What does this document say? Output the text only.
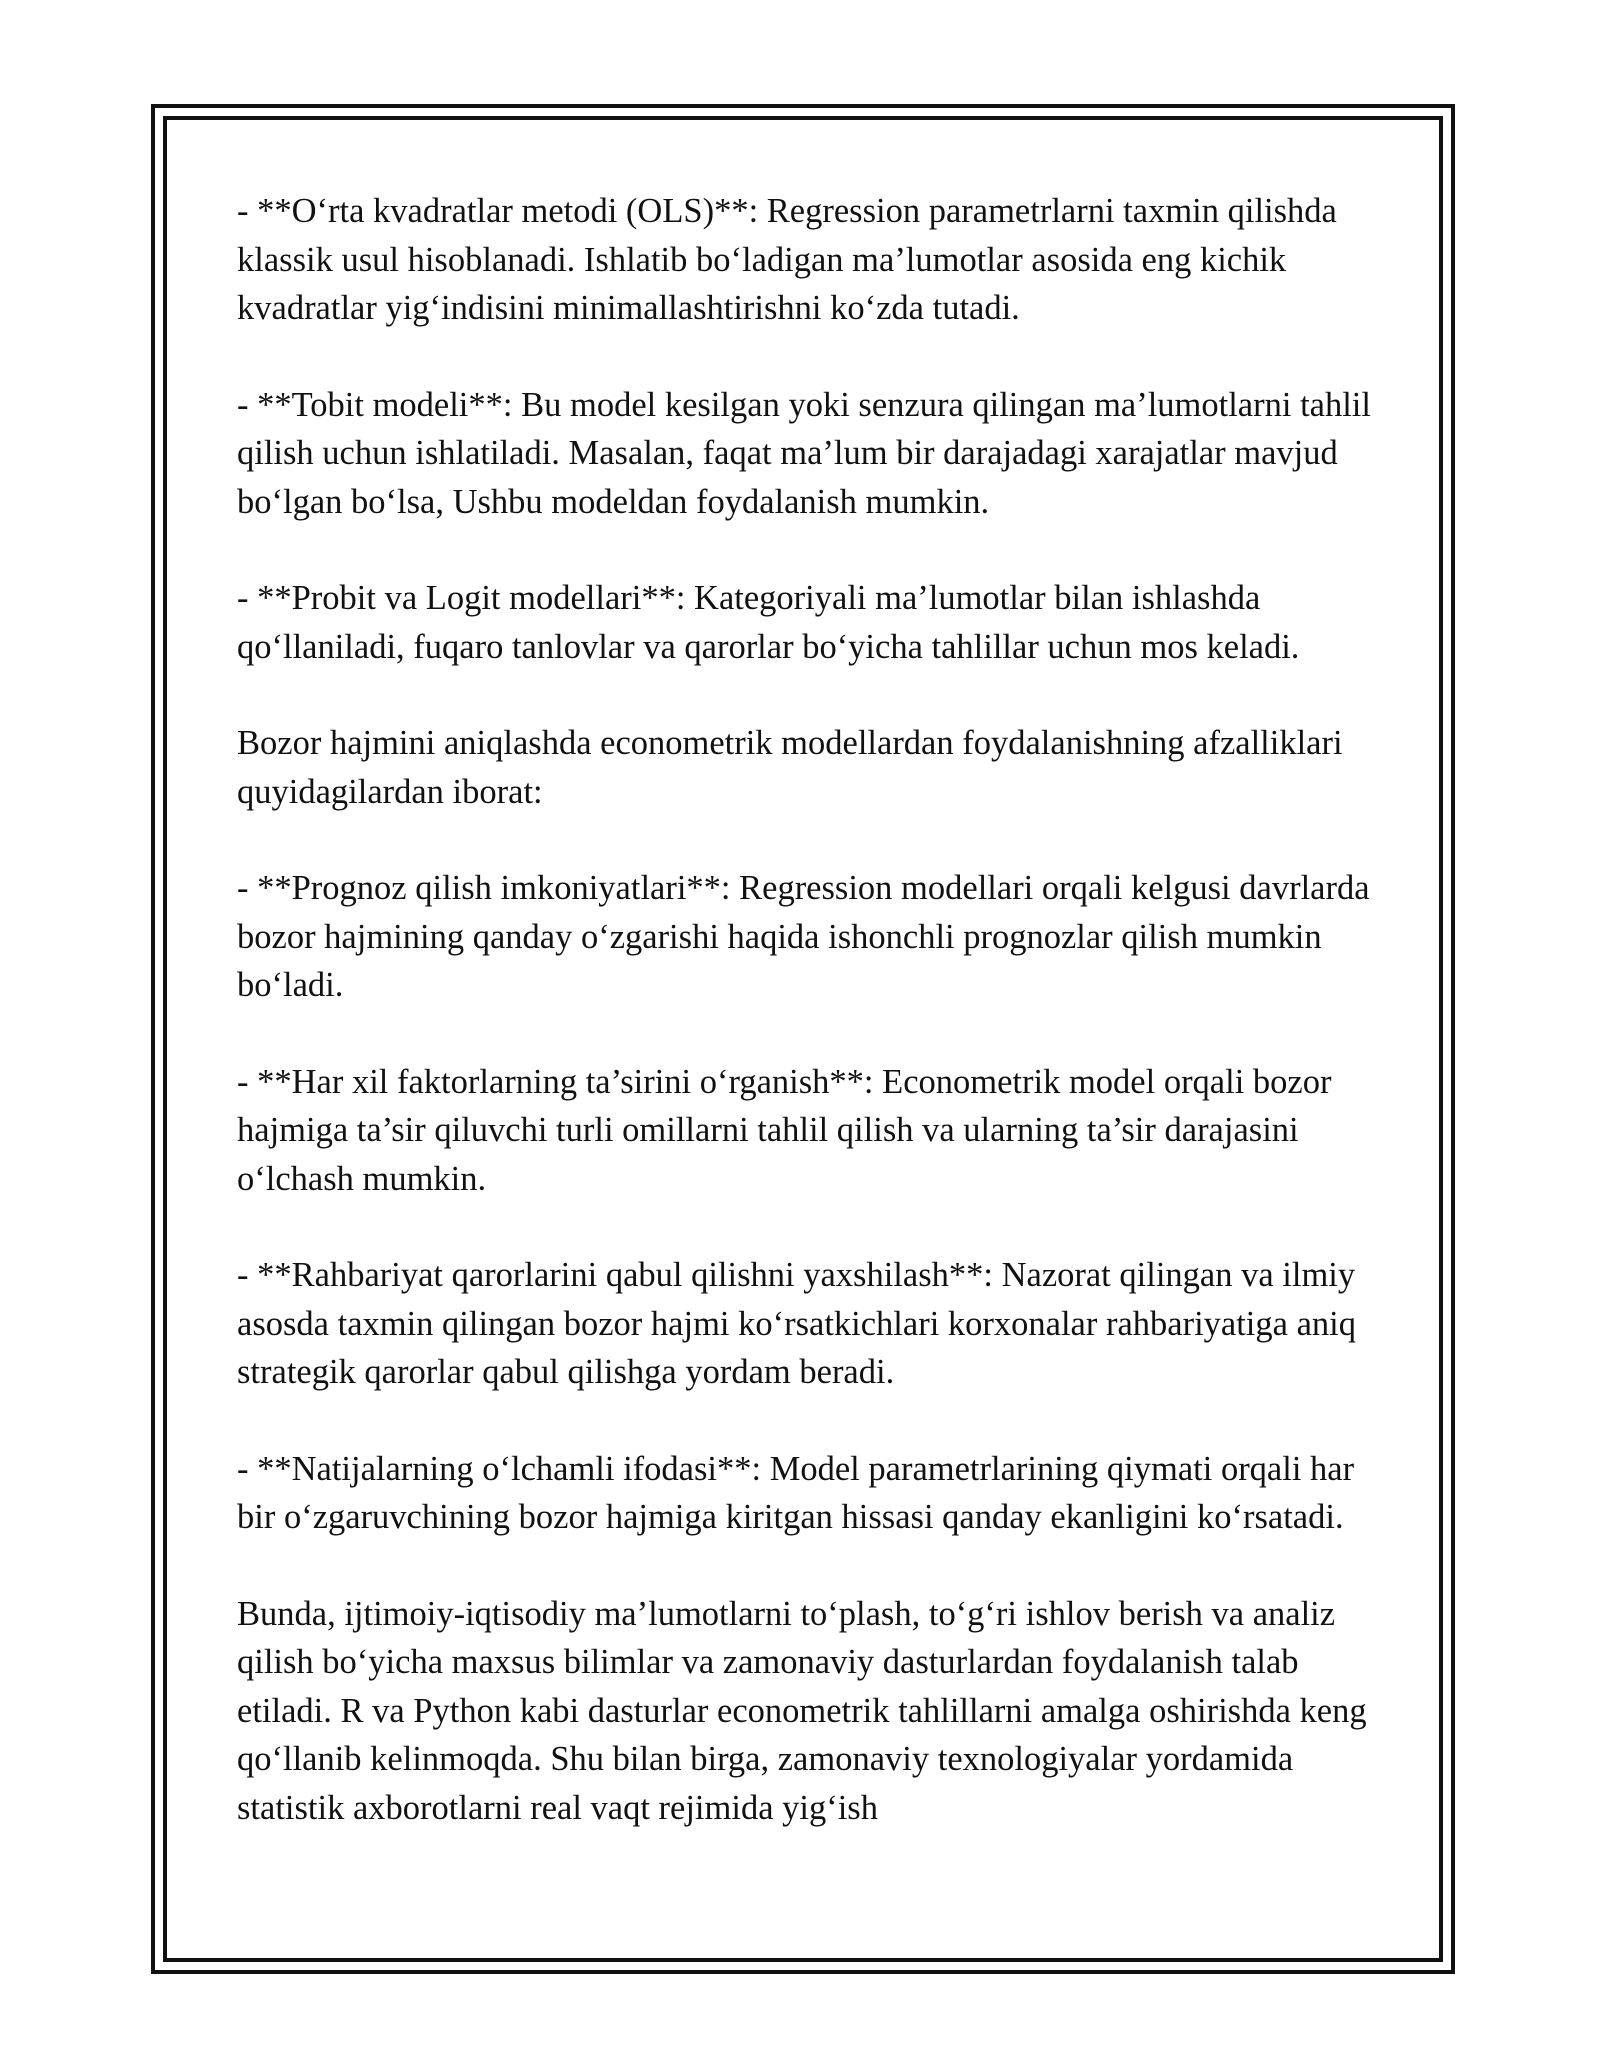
- **O‘rta kvadratlar metodi (OLS)**: Regression parametrlarni taxmin qilishda klassik usul hisoblanadi. Ishlatib bo‘ladigan ma’lumotlar asosida eng kichik kvadratlar yig‘indisini minimallashtirishni ko‘zda tutadi.

- **Tobit modeli**: Bu model kesilgan yoki senzura qilingan ma’lumotlarni tahlil qilish uchun ishlatiladi. Masalan, faqat ma’lum bir darajadagi xarajatlar mavjud bo‘lgan bo‘lsa, Ushbu modeldan foydalanish mumkin.

- **Probit va Logit modellari**: Kategoriyali ma’lumotlar bilan ishlashda qo‘llaniladi, fuqaro tanlovlar va qarorlar bo‘yicha tahlillar uchun mos keladi.

Bozor hajmini aniqlashda econometrik modellardan foydalanishning afzalliklari quyidagilardan iborat:

- **Prognoz qilish imkoniyatlari**: Regression modellari orqali kelgusi davrlarda bozor hajmining qanday o‘zgarishi haqida ishonchli prognozlar qilish mumkin bo‘ladi.

- **Har xil faktorlarning ta’sirini o‘rganish**: Econometrik model orqali bozor hajmiga ta’sir qiluvchi turli omillarni tahlil qilish va ularning ta’sir darajasini o‘lchash mumkin.

- **Rahbariyat qarorlarini qabul qilishni yaxshilash**: Nazorat qilingan va ilmiy asosda taxmin qilingan bozor hajmi ko‘rsatkichlari korxonalar rahbariyatiga aniq strategik qarorlar qabul qilishga yordam beradi.

- **Natijalarning o‘lchamli ifodasi**: Model parametrlarining qiymati orqali har bir o‘zgaruvchining bozor hajmiga kiritgan hissasi qanday ekanligini ko‘rsatadi.

Bunda, ijtimoiy-iqtisodiy ma’lumotlarni to‘plash, to‘g‘ri ishlov berish va analiz qilish bo‘yicha maxsus bilimlar va zamonaviy dasturlardan foydalanish talab etiladi. R va Python kabi dasturlar econometrik tahlillarni amalga oshirishda keng qo‘llanib kelinmoqda. Shu bilan birga, zamonaviy texnologiyalar yordamida statistik axborotlarni real vaqt rejimida yig‘ish
